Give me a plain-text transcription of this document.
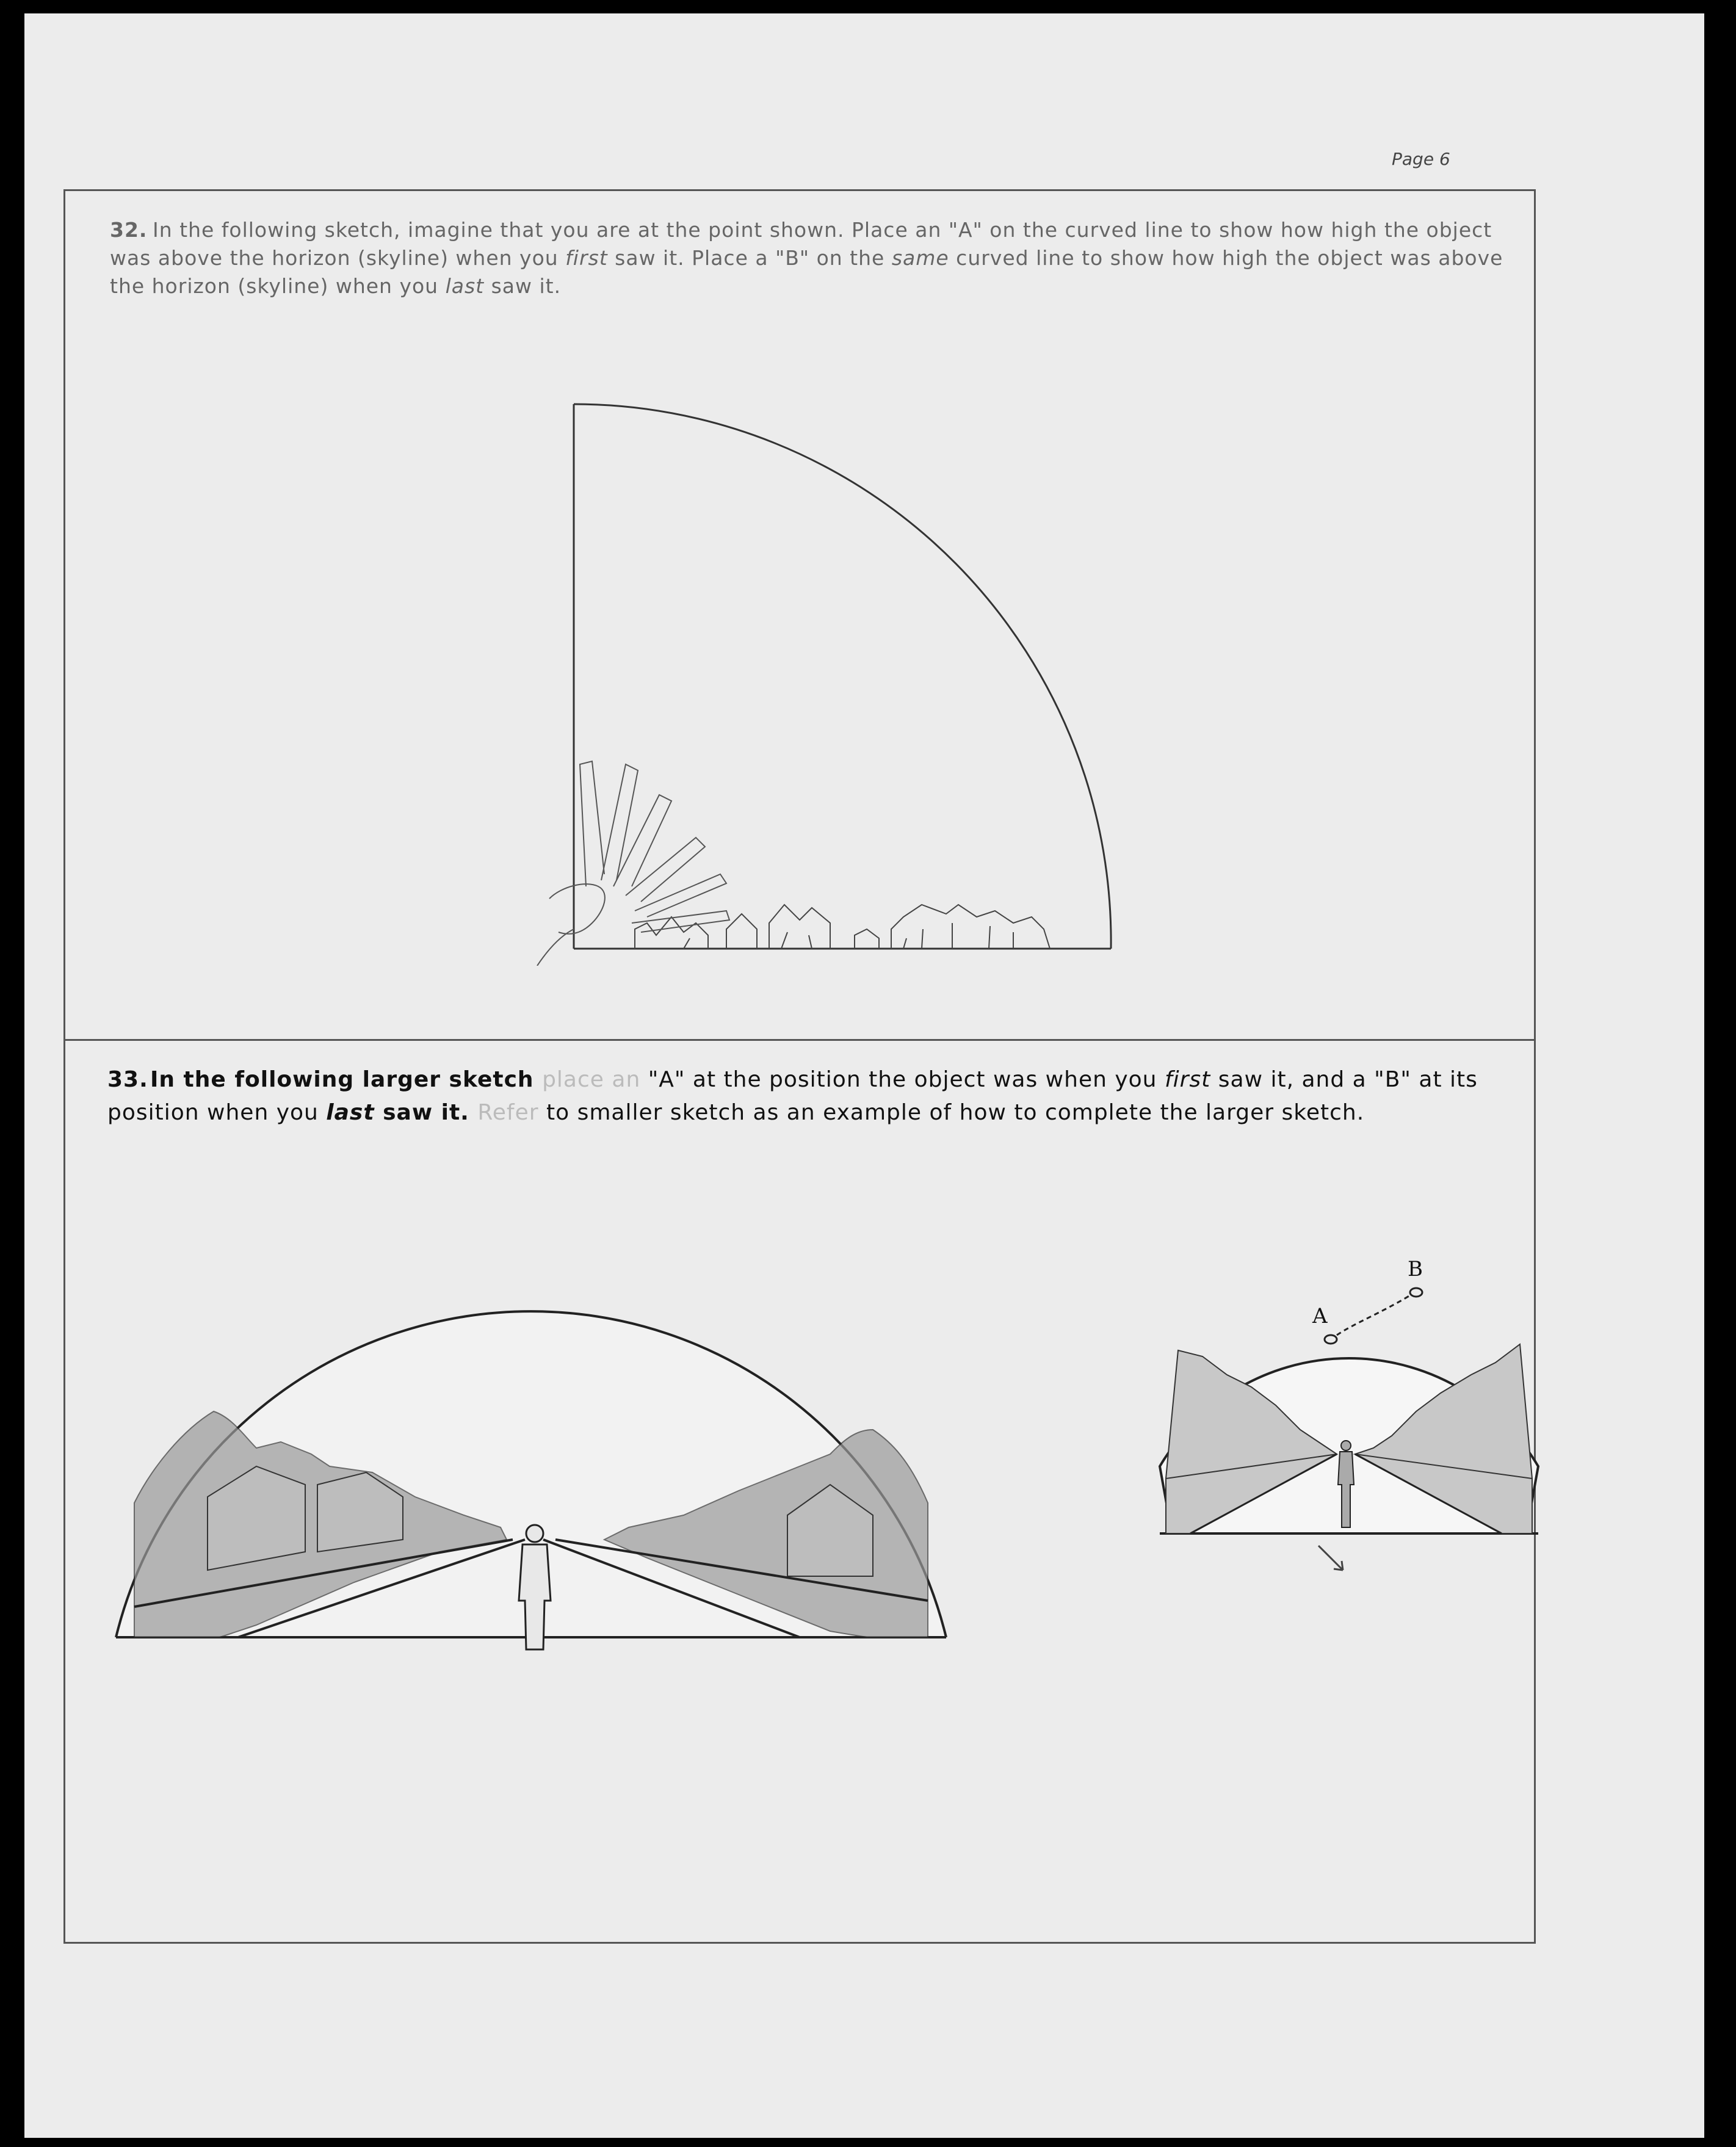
Page 6
32. In the following sketch, imagine that you are at the point shown. Place an "A" on the curved line to show how high the object was above the horizon (skyline) when you first saw it. Place a "B" on the same curved line to show how high the object was above the horizon (skyline) when you last saw it.
33.In the following larger sketch place an "A" at the position the object was when you first saw it, and a "B" at its position when you last saw it. Refer to smaller sketch as an example of how to complete the larger sketch.
A
B
